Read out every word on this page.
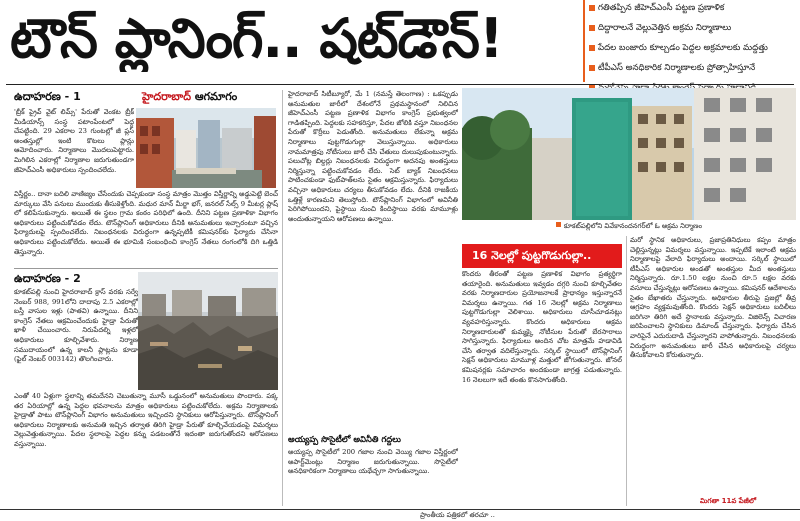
టౌన్ ప్లానింగ్.. షట్‌డౌన్!	గతితప్పిన జీహెచ్‌ఎంసీ పట్టణ ప్రణాళిక
దిద్దారాలనే వెల్లువెత్తిన అక్రమ నిర్మాణాలు
పేదల బంజారు కూల్చడం పెద్దల అక్రమాలకు మద్దత్తు
టీపీఎస్ అనధికారిక నిర్మాణాలకు ప్రోత్సాహిస్తూనే
ఉదాహరణ - 1	హైదరాబాద్ ఆగమాగం
'బ్రీక్ ప్రైవ్ వైట్ లిమ్స్' పేరుతో వెంకట బ్రీక్ మీడియాన్స్ సంస్థ పటాంపేంటలో పెద్ద చేపట్టింది. 29 ఎకరాల 23 గుంటల్లో జీ ప్లస్ అంతస్తుల్లో ఇంటి కొటలు ప్లాన్లు ఆమోదించారు. నిర్మాణాలు మొదలుపెట్టారు. మిగిలిన ఎకరాల్లో నిర్మాణాల జరుగుతుండగా జీహెచ్‌ఎంసీ అధికారులు స్పందించలేదు.
విస్తీర్ణం.. దానా బదిలి వాణిజ్యం చేసేందుకు చెప్పకుండా సంస్థ మాత్రం మొత్తం విస్తీర్ణాన్ని అడ్డుపెట్టి బెంచ్ మార్కులు వేసి పనులు ముందుకు తీసుకెళ్తోంది. మధుర మాన్ మీర్జా భగ్, జనరల్ సేల్స్ 9 మీటర్ల ప్లాష్ లో కలిపేసుకున్నారు. అయితే ఈ స్థలం గ్రామ కంఠం పరిధిలో ఉంది. దీనిని పట్టణ ప్రణాళికా విభాగం అధికారులు పట్టించుకోవడం లేదు. టౌన్‌ప్లానింగ్ అధికారులు దీనికి అనుమతులు ఇచ్చారంటూ వచ్చిన ఫిర్యాదులపై స్పందించలేదు. నిబంధనలకు విరుద్ధంగా ఉన్నప్పటికీ కమిషనర్‌కు ఫిర్యాదు చేసినా అధికారులు పట్టించుకోలేదు. అయితే ఈ భూమికి సంబంధించి కాంగ్రెస్ నేతలు రంగంలోకి దిగి ఒత్తిడి తెస్తున్నారు.
ఉదాహరణ - 2
కూకట్‌పల్లి నుంచి హైదరాబాద్ క్రాస్ వరకు సర్వే నెంబర్ 988, 991లోని దాదాపు 2.5 ఎకరాల్లో బస్తీ వాసుల ఇళ్లు (పాతవి) ఉన్నాయి. దీనిని కాంగ్రెస్ నేతలు ఆక్రమించేందుకు హైడ్రా పేరుతో ఖాళీ చేయించారు. నిరుపేదల్ని ఇళ్లలో అధికారులు కూల్చివేశారు. నిర్మాణ సముదాయంలో ఉన్న కాలనీ ప్లాట్లను కూడా (ఫైల్ నెంబర్ 003142) తొలగించారు.
ఎంతో 40 ఏళ్లుగా స్థలాన్ని తమదేనని చెబుతున్నా మూసీ ఒడ్డునంలో అనుమతులు పొందారు. పక్క తర ఏరియాల్లో ఉన్న పెద్దల భవనాలను మాత్రం అధికారులు పట్టించుకోలేదు. అక్రమ నిర్మాణాలకు హైడ్రాతో పాటు టౌన్‌ప్లానింగ్ విభాగం అనుమతులు ఇచ్చిందని స్థానికులు ఆరోపిస్తున్నారు. టౌన్‌ప్లానింగ్ అధికారులు నిర్మాణాలకు అనుమతి ఇచ్చిన తర్వాత తిరిగి హైడ్రా పేరుతో కూల్చివేయడంపై విమర్శలు వెల్లువెత్తుతున్నాయి. పేదల స్థలాలపై పెద్దల కన్ను పడటంతోనే ఇదంతా జరుగుతోందని ఆరోపణలు వస్తున్నాయి.
హైదరాబాద్ సిటీబ్యూరో, మే 1 (నమస్తే తెలంగాణ) : ఒకప్పుడు అనుమతుల జారీలో దేశంలోనే ప్రథమస్థానంలో నిలిచిన జీహెచ్‌ఎంసీ పట్టణ ప్రణాళిక విభాగం కాంగ్రెస్ ప్రభుత్వంలో గాడితప్పింది. పెద్దలకు సహకరిస్తూ, పేదల జోలికి వస్తూ నిబంధనల పేరుతో కొర్రీలు పెడుతోంది. అనుమతులు లేకున్నా అక్రమ నిర్మాణాలు పుట్టగొడుగుల్లా వెలుస్తున్నాయి. అధికారులు నామమాత్రపు నోటీసులు జారీ చేసి చేతులు దులుపుకుంటున్నారు. పలుచోట్ల బిల్డర్లు నిబంధనలకు విరుద్ధంగా అదనపు అంతస్తులు నిర్మిస్తున్నా పట్టించుకోవడం లేదు. సెట్ బ్యాక్ నిబంధనలు పాటించకుండా ఫుట్‌పాత్‌లను సైతం ఆక్రమిస్తున్నారు. ఫిర్యాదులు వచ్చినా అధికారులు చర్యలు తీసుకోవడం లేదు. దీనికి రాజకీయ ఒత్తిళ్లే కారణమని తెలుస్తోంది. టౌన్‌ప్లానింగ్ విభాగంలో అవినీతి పెరిగిపోయిందని, పైస్థాయి నుంచి కిందిస్థాయి వరకు మామూళ్లు అందుతున్నాయని ఆరోపణలు ఉన్నాయి.
అయ్యప్ప సొసైటీలో అవినీతి గద్దలు
అయ్యప్ప సొసైటీలో 200 గజాల నుంచి వెయ్యి గజాల విస్తీర్ణంలో అపార్ట్‌మెంట్లు నిర్మాణం జరుగుతున్నాయి. సొసైటీలో అనధికారికంగా నిర్మాణాలు యథేచ్ఛగా సాగుతున్నాయి.
కూకట్‌పల్లిలోని వివేకానందనగర్‌లో ఓ అక్రమ నిర్మాణం
16 నెలల్లో పుట్టగొడుగుల్లా..
కొందరు తీరంతో పట్టణ ప్రణాళిక విభాగం ప్రత్యర్థిగా తయారైంది. అనుమతులు ఇవ్వడం దగ్గరి నుంచి కూల్చివేతల వరకు నిర్మాణదారుల ప్రయోజనాలకే ప్రాధాన్యం ఇస్తున్నారనే విమర్శలు ఉన్నాయి. గత 16 నెలల్లో అక్రమ నిర్మాణాలు పుట్టగొడుగుల్లా వెలిశాయి. అధికారులు చూసీచూడనట్లు వ్యవహరిస్తున్నారు. కొందరు అధికారులు అక్రమ నిర్మాణదారులతో కుమ్మక్కై నోటీసుల పేరుతో బేరసారాలు సాగిస్తున్నారు. ఫిర్యాదులు అందిన చోట మాత్రమే హడావిడి చేసి తర్వాత వదిలేస్తున్నారు. సర్కిల్ స్థాయిలో టౌన్‌ప్లానింగ్ సెక్షన్ అధికారులు మామూళ్ల మత్తులో జోగుతున్నారు. జోనల్ కమిషనర్లకు సమాచారం అందకుండా జాగ్రత్త పడుతున్నారు. 16 నెలలుగా ఇదే తంతు కొనసాగుతోంది.
మరో స్థానిక అధికారులు, ప్రజాప్రతినిధులు కప్పం మాత్రం చెల్లిస్తున్నట్లు విమర్శలు వస్తున్నాయి. ఇప్పటికే ఇలాంటి అక్రమ నిర్మాణాలపై వేలాది ఫిర్యాదులు అందాయి. సర్కిల్ స్థాయిలో టీపీఎస్ అధికారుల అండతో అంతస్తుల మీద అంతస్తులు నిర్మిస్తున్నారు. రూ.1.50 లక్షల నుంచి రూ.5 లక్షల వరకు వసూలు చేస్తున్నట్లు ఆరోపణలు ఉన్నాయి. కమిషనర్ ఆదేశాలను సైతం బేఖాతరు చేస్తున్నారు. అధికారుల తీరుపై ప్రజల్లో తీవ్ర ఆగ్రహం వ్యక్తమవుతోంది. కొందరు సెక్షన్ అధికారులు బదిలీలు జరిగినా తిరిగి అదే స్థానాలకు వస్తున్నారు. విజిలెన్స్ విచారణ జరిపించాలని స్థానికులు డిమాండ్ చేస్తున్నారు. ఫిర్యాదు చేసిన వారిపైనే ఎదురుదాడి చేస్తున్నారని వాపోతున్నారు. నిబంధనలకు విరుద్ధంగా అనుమతులు జారీ చేసిన అధికారులపై చర్యలు తీసుకోవాలని కోరుతున్నారు.
మిగతా 11వ పేజీలో
ప్రాంతీయ పత్రికలో తరచూ ..
